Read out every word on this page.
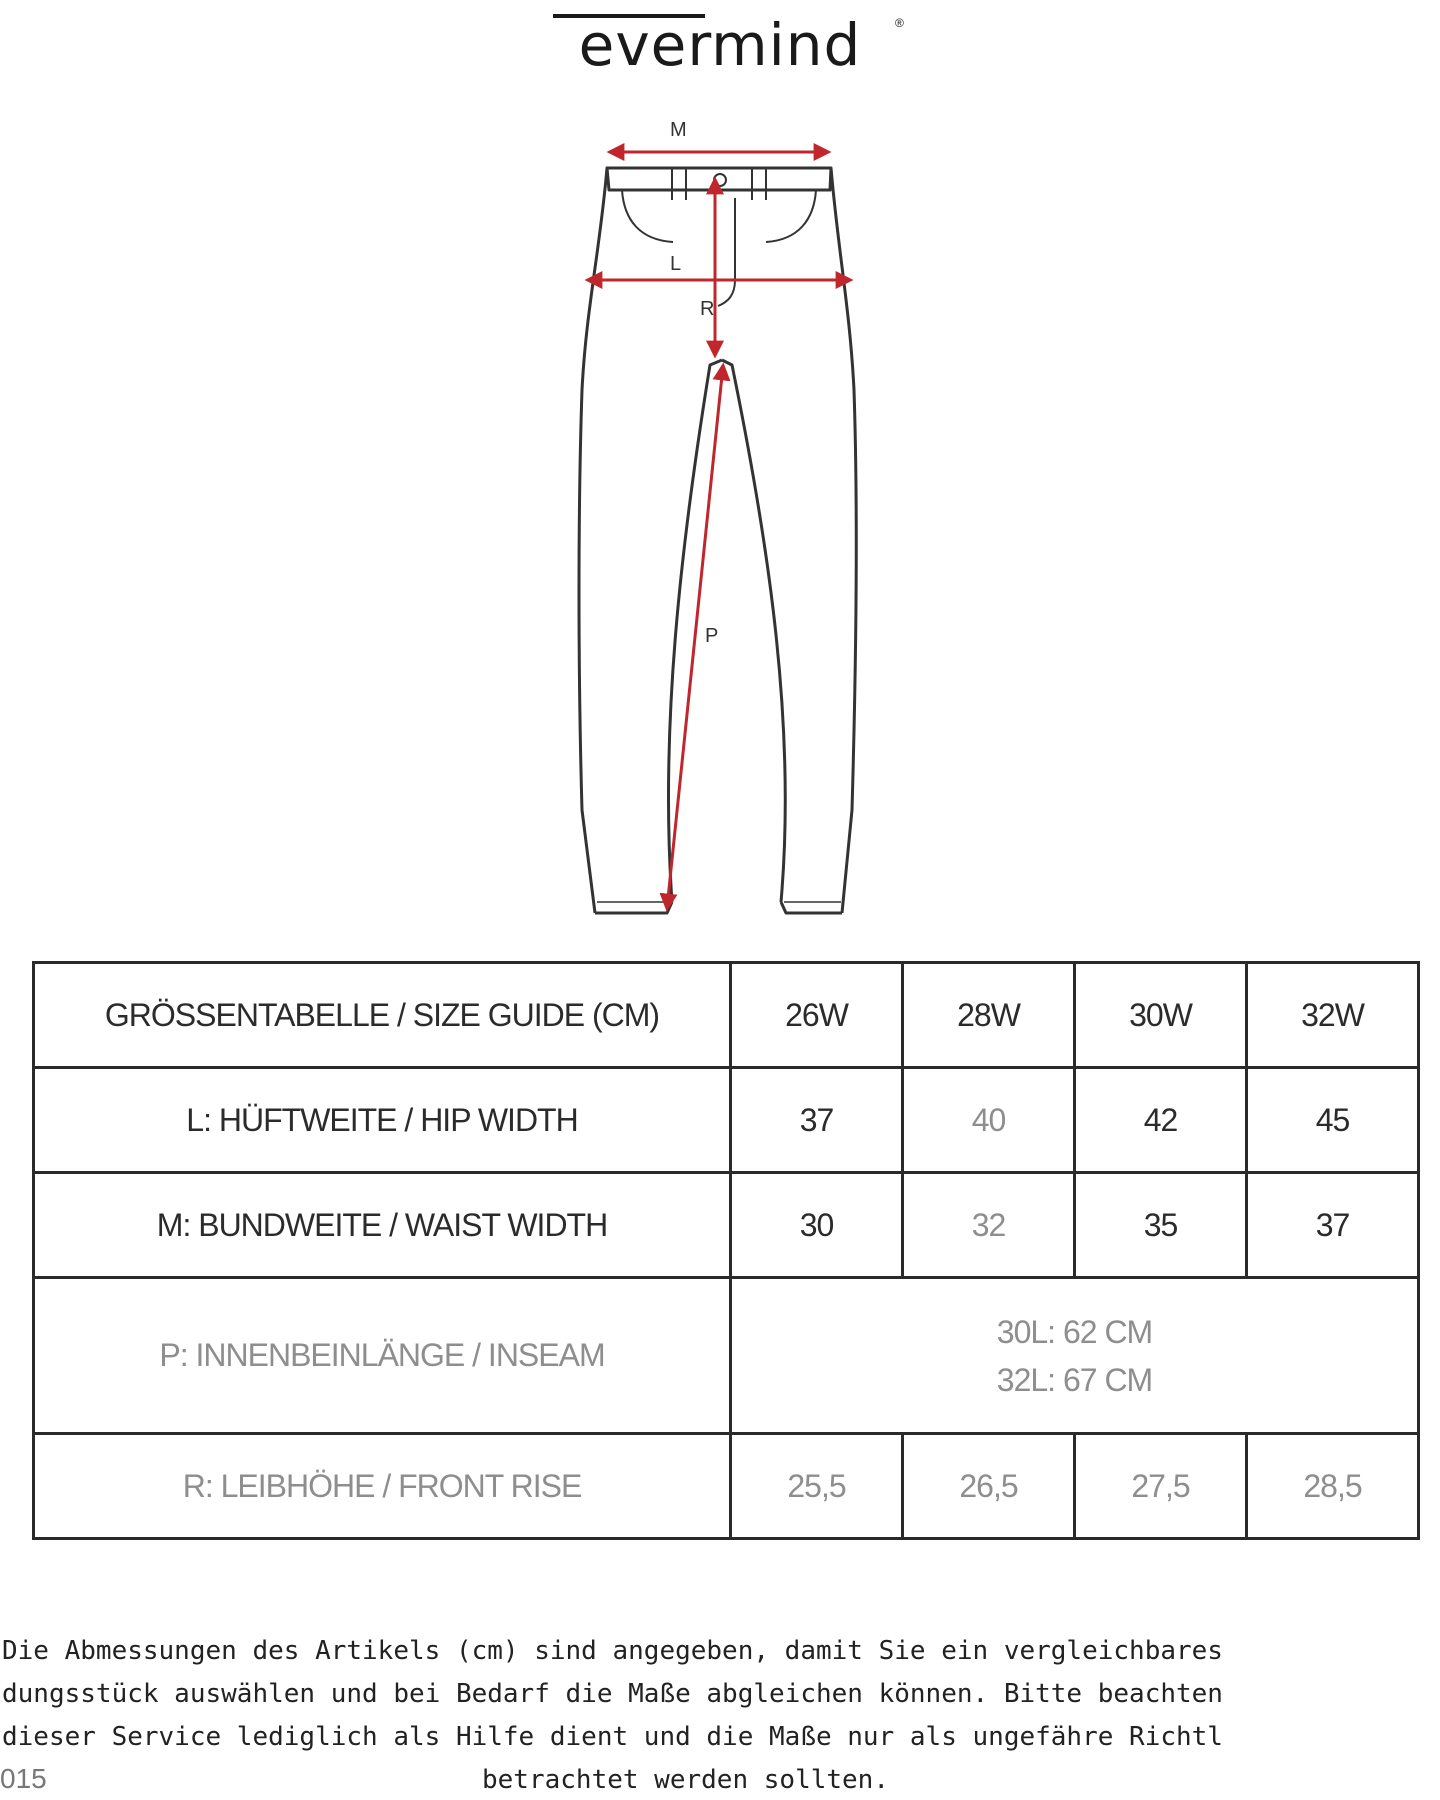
evermind	®
M
L
R
P
GRÖSSENTABELLE / SIZE GUIDE (CM)	26W	28W	30W	32W
L: HÜFTWEITE / HIP WIDTH	37	40	42	45
M: BUNDWEITE / WAIST WIDTH	30	32	35	37
P: INNENBEINLÄNGE / INSEAM	30L: 62 CM
32L: 67 CM			

R: LEIBHÖHE / FRONT RISE	25,5	26,5	27,5	28,5
Die Abmessungen des Artikels (cm) sind angegeben, damit Sie ein vergleichbares
dungsstück auswählen und bei Bedarf die Maße abgleichen können. Bitte beachten
dieser Service lediglich als Hilfe dient und die Maße nur als ungefähre Richtl
betrachtet werden sollten.
015
